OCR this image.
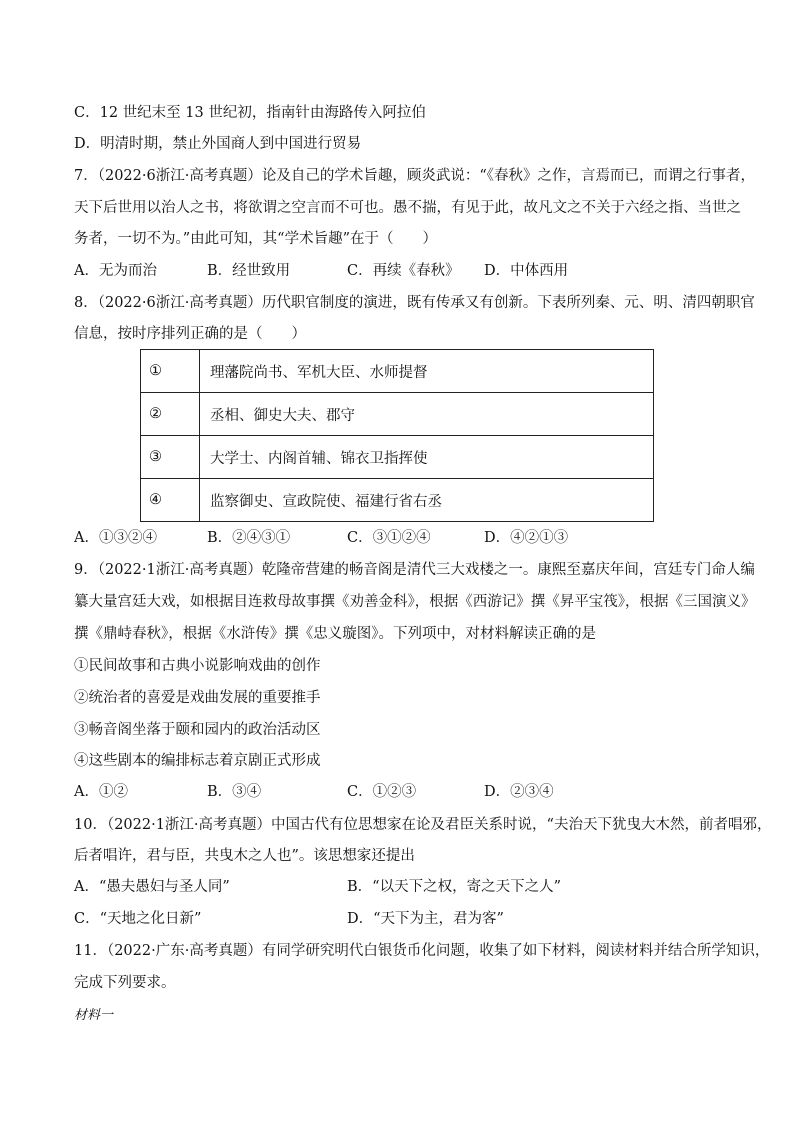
C．12 世纪末至 13 世纪初，指南针由海路传入阿拉伯
D．明清时期，禁止外国商人到中国进行贸易
7．（2022·6浙江·高考真题）论及自己的学术旨趣，顾炎武说：“《春秋》之作，言焉而已，而谓之行事者，
天下后世用以治人之书，将欲谓之空言而不可也。愚不揣，有见于此，故凡文之不关于六经之指、当世之
务者，一切不为。”由此可知，其“学术旨趣”在于（　　）
A．无为而治	B．经世致用	C．再续《春秋》 D．中体西用
8．（2022·6浙江·高考真题）历代职官制度的演进，既有传承又有创新。下表所列秦、元、明、清四朝职官
信息，按时序排列正确的是（　　）
①	理藩院尚书、军机大臣、水师提督
②	丞相、御史大夫、郡守
③	大学士、内阁首辅、锦衣卫指挥使
④	监察御史、宣政院使、福建行省右丞
A．①③②④	B．②④③①	C．③①②④	D．④②①③
9．（2022·1浙江·高考真题）乾隆帝营建的畅音阁是清代三大戏楼之一。康熙至嘉庆年间，宫廷专门命人编
纂大量宫廷大戏，如根据目连救母故事撰《劝善金科》，根据《西游记》撰《昇平宝筏》，根据《三国演义》
撰《鼎峙春秋》，根据《水浒传》撰《忠义璇图》。下列项中，对材料解读正确的是
①民间故事和古典小说影响戏曲的创作
②统治者的喜爱是戏曲发展的重要推手
③畅音阁坐落于颐和园内的政治活动区
④这些剧本的编排标志着京剧正式形成
A．①②	B．③④	C．①②③	D．②③④
10．（2022·1浙江·高考真题）中国古代有位思想家在论及君臣关系时说，“夫治天下犹曳大木然，前者唱邪，
后者唱许，君与臣，共曳木之人也”。该思想家还提出
A．“愚夫愚妇与圣人同”	B．“以天下之权，寄之天下之人”
C．“天地之化日新”	D．“天下为主，君为客”
11．（2022·广东·高考真题）有同学研究明代白银货币化问题，收集了如下材料，阅读材料并结合所学知识，
完成下列要求。
材料一
